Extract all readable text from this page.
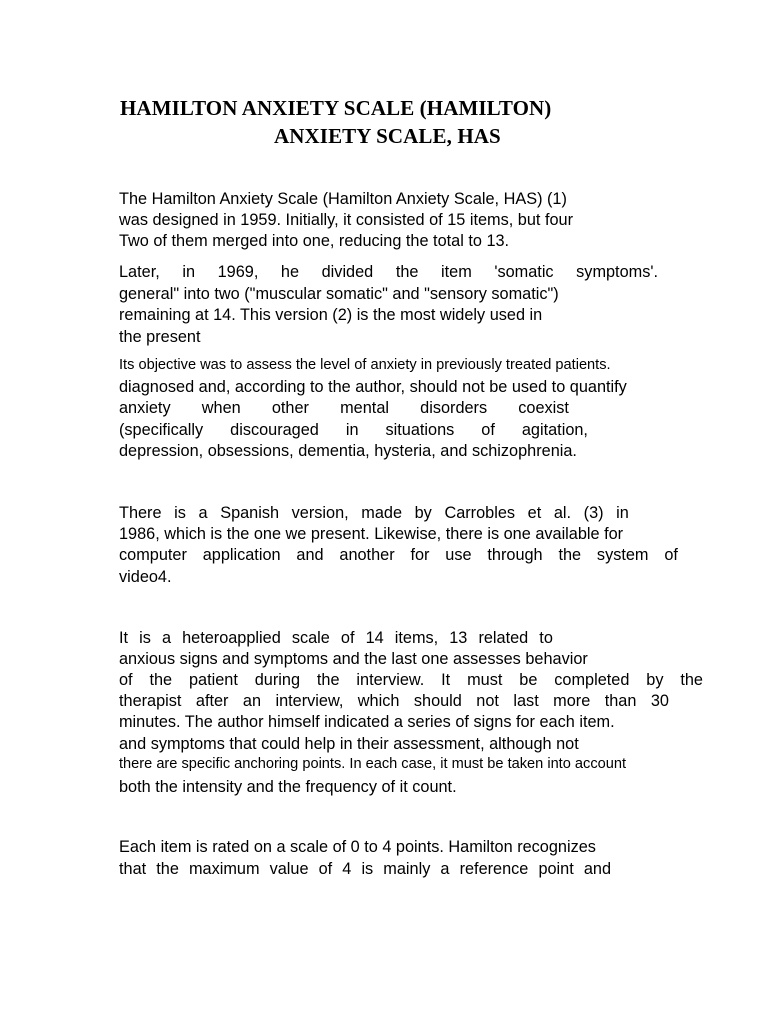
HAMILTON ANXIETY SCALE (HAMILTON)
ANXIETY SCALE, HAS
The Hamilton Anxiety Scale (Hamilton Anxiety Scale, HAS) (1)
was designed in 1959. Initially, it consisted of 15 items, but four
Two of them merged into one, reducing the total to 13.
Later, in 1969, he divided the item 'somatic symptoms'.
general" into two ("muscular somatic" and "sensory somatic")
remaining at 14. This version (2) is the most widely used in
the present
Its objective was to assess the level of anxiety in previously treated patients.
diagnosed and, according to the author, should not be used to quantify
anxiety when other mental disorders coexist
(specifically discouraged in situations of agitation,
depression, obsessions, dementia, hysteria, and schizophrenia.
There is a Spanish version, made by Carrobles et al. (3) in
1986, which is the one we present. Likewise, there is one available for
computer application and another for use through the system of
video4.
It is a heteroapplied scale of 14 items, 13 related to
anxious signs and symptoms and the last one assesses behavior
of the patient during the interview. It must be completed by the
therapist after an interview, which should not last more than 30
minutes. The author himself indicated a series of signs for each item.
and symptoms that could help in their assessment, although not
there are specific anchoring points. In each case, it must be taken into account
both the intensity and the frequency of it count.
Each item is rated on a scale of 0 to 4 points. Hamilton recognizes
that the maximum value of 4 is mainly a reference point and
